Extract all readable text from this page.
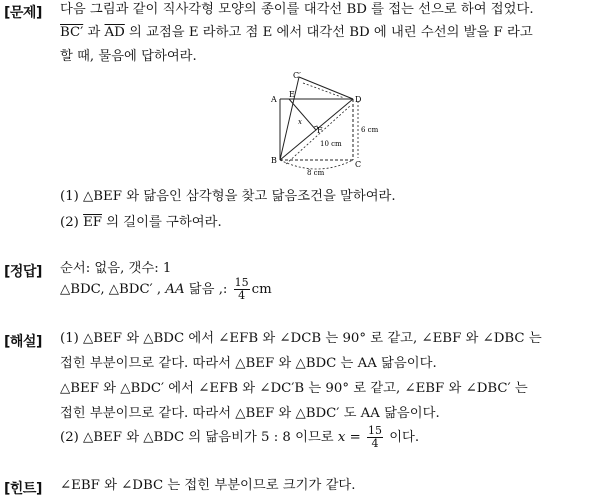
[문제] 다음 그림과 같이 직사각형 모양의 종이를 대각선 BD 를 접는 선으로 하여 접었다.
BC′ 과 $\overline{AD}$ 의 교점을 E 라하고 점 E 에서 대각선 BD 에 내린 수선의 발을 F 라고
할 때, 물음에 답하여라.
A
B	C
D
E
F
C′
6 cm
10 cm
8 cm
x
(1) △BEF 와 닮음인 삼각형을 찾고 닮음조건을 말하여라.
(2) $\overline{EF}$ 의 길이를 구하여라.
[정답] 순서: 없음, 갯수: 1
△BDC, △BDC′ , AA 닮음 ,: $\frac{15}{4}$ cm
[해설] (1) △BEF 와 △BDC 에서 ∠EFB 와 ∠DCB 는 90° 로 같고, ∠EBF 와 ∠DBC 는
접힌 부분이므로 같다. 따라서 △BEF 와 △BDC 는 AA 닮음이다.
△BEF 와 △BDC′ 에서 ∠EFB 와 ∠DC′B 는 90° 로 같고, ∠EBF 와 ∠DBC′ 는
접힌 부분이므로 같다. 따라서 △BEF 와 △BDC′ 도 AA 닮음이다.
(2) △BEF 와 △BDC 의 닮음비가 5 : 8 이므로 $x = \frac{15}{4}$ 이다.
[힌트] ∠EBF 와 ∠DBC 는 접힌 부분이므로 크기가 같다.
